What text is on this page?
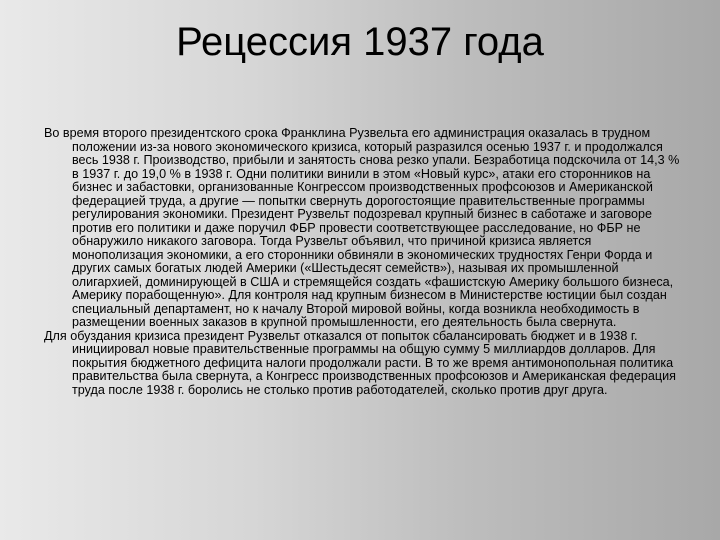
Рецессия 1937 года

Во время второго президентского срока Франклина Рузвельта его администрация оказалась в трудном положении из-за нового экономического кризиса, который разразился осенью 1937 г. и продолжался весь 1938 г. Производство, прибыли и занятость снова резко упали. Безработица подскочила от 14,3 % в 1937 г. до 19,0 % в 1938 г. Одни политики винили в этом «Новый курс», атаки его сторонников на бизнес и забастовки, организованные Конгрессом производственных профсоюзов и Американской федерацией труда, а другие — попытки свернуть дорогостоящие правительственные программы регулирования экономики. Президент Рузвельт подозревал крупный бизнес в саботаже и заговоре против его политики и даже поручил ФБР провести соответствующее расследование, но ФБР не обнаружило никакого заговора. Тогда Рузвельт объявил, что причиной кризиса является монополизация экономики, а его сторонники обвиняли в экономических трудностях Генри Форда и других самых богатых людей Америки («Шестьдесят семейств»), называя их промышленной олигархией, доминирующей в США и стремящейся создать «фашистскую Америку большого бизнеса, Америку порабощенную». Для контроля над крупным бизнесом в Министерстве юстиции был создан специальный департамент, но к началу Второй мировой войны, когда возникла необходимость в размещении военных заказов в крупной промышленности, его деятельность была свернута.

Для обуздания кризиса президент Рузвельт отказался от попыток сбалансировать бюджет и в 1938 г. инициировал новые правительственные программы на общую сумму 5 миллиардов долларов. Для покрытия бюджетного дефицита налоги продолжали расти. В то же время антимонопольная политика правительства была свернута, а Конгресс производственных профсоюзов и Американская федерация труда после 1938 г. боролись не столько против работодателей, сколько против друг друга.
